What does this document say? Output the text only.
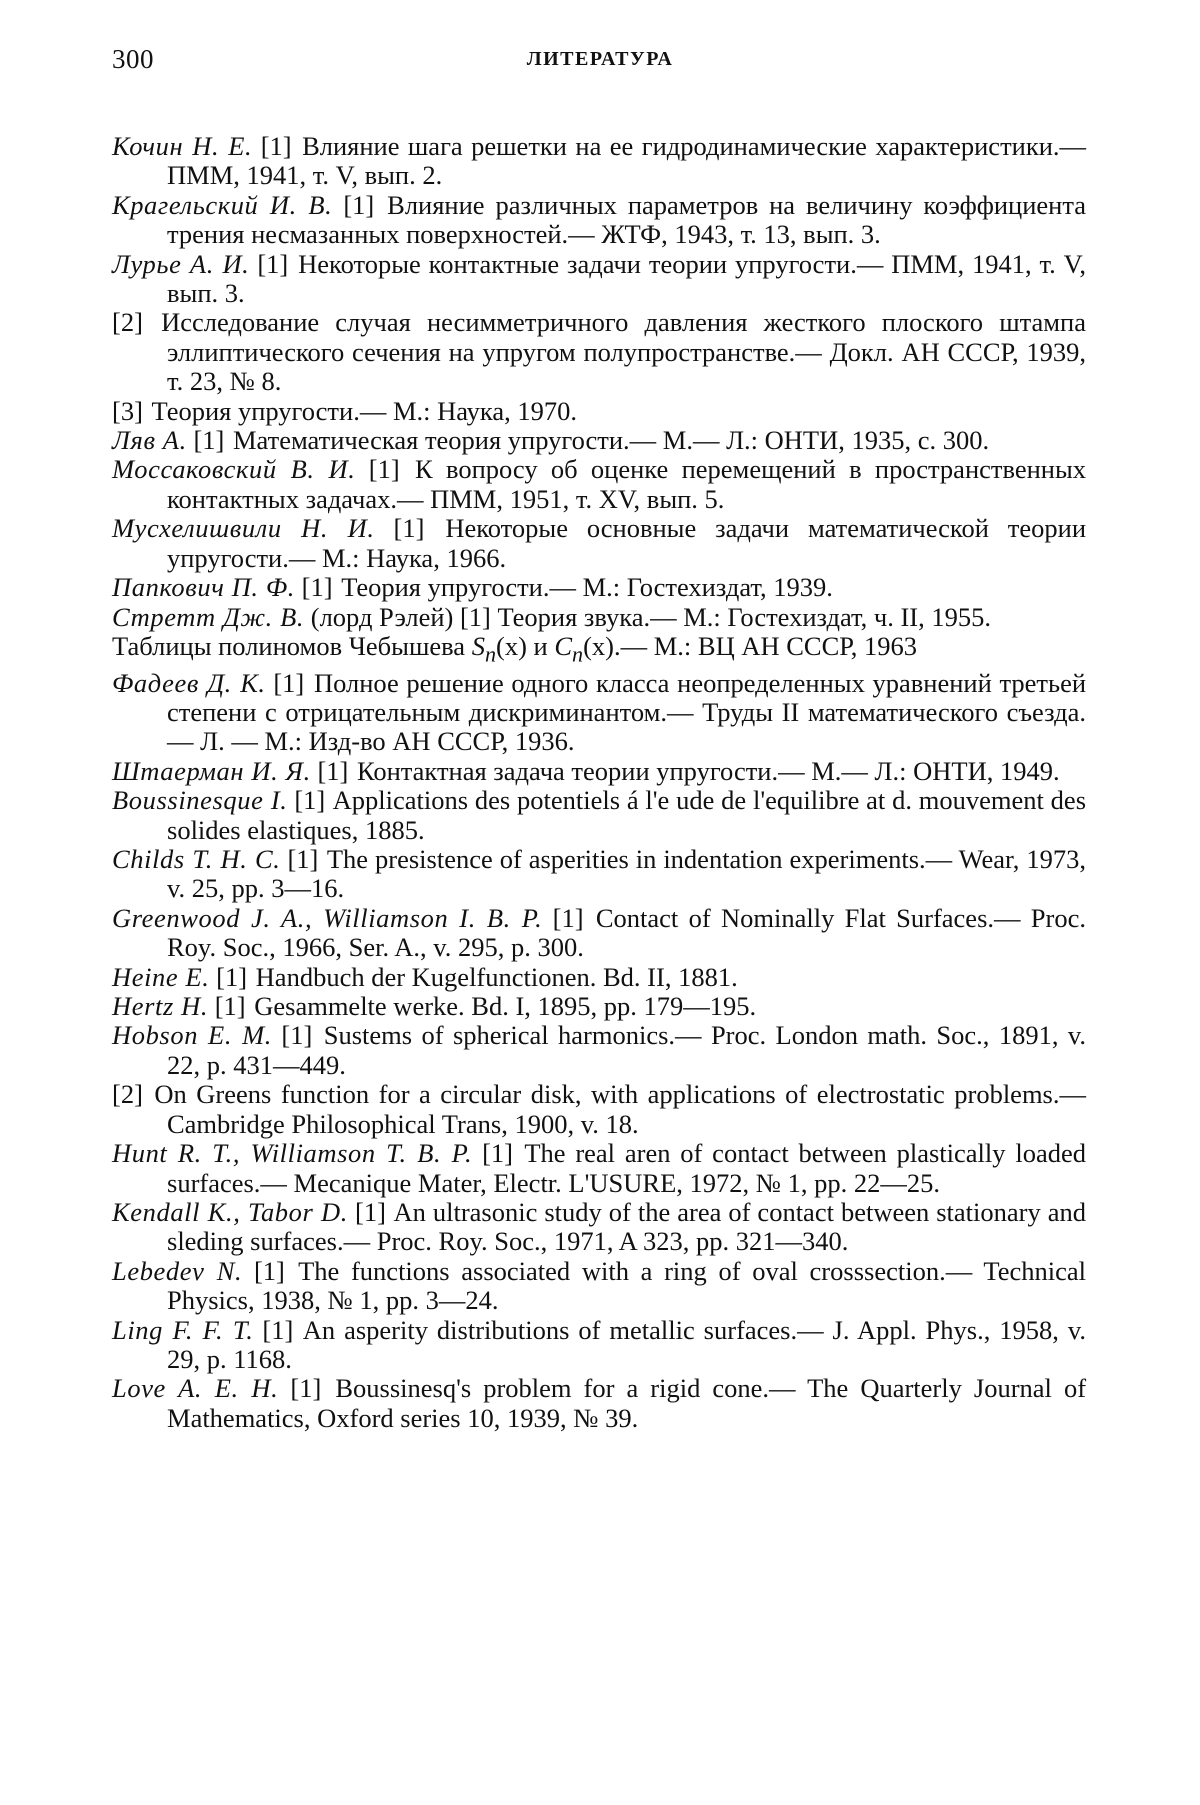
300	ЛИТЕРАТУРА
Кочин Н. Е. [1] Влияние шага решетки на ее гидродинамические характеристики.— ПММ, 1941, т. V, вып. 2.
Крагельский И. В. [1] Влияние различных параметров на величину коэффициента трения несмазанных поверхностей.— ЖТФ, 1943, т. 13, вып. 3.
Лурье А. И. [1] Некоторые контактные задачи теории упругости.— ПММ, 1941, т. V, вып. 3.
[2] Исследование случая несимметричного давления жесткого плоского штампа эллиптического сечения на упругом полупространстве.— Докл. АН СССР, 1939, т. 23, № 8.
[3] Теория упругости.— М.: Наука, 1970.
Ляв А. [1] Математическая теория упругости.— М.— Л.: ОНТИ, 1935, с. 300.
Моссаковский В. И. [1] К вопросу об оценке перемещений в пространственных контактных задачах.— ПММ, 1951, т. XV, вып. 5.
Мусхелишвили Н. И. [1] Некоторые основные задачи математической теории упругости.— М.: Наука, 1966.
Папкович П. Ф. [1] Теория упругости.— М.: Гостехиздат, 1939.
Стретт Дж. В. (лорд Рэлей) [1] Теория звука.— М.: Гостехиздат, ч. II, 1955.
Таблицы полиномов Чебышева $S_n(x)$ и $C_n(x).—$ М.: ВЦ АН СССР, 1963
Фадеев Д. К. [1] Полное решение одного класса неопределенных уравнений третьей степени с отрицательным дискриминантом.— Труды II математического съезда.— Л. — М.: Изд-во АН СССР, 1936.
Штаерман И. Я. [1] Контактная задача теории упругости.— М.— Л.: ОНТИ, 1949.
Boussinesque I. [1] Applications des potentiels á l'e ude de l'equilibre at d. mouvement des solides elastiques, 1885.
Childs T. H. C. [1] The presistence of asperities in indentation experiments.— Wear, 1973, v. 25, pp. 3—16.
Greenwood J. A., Williamson I. B. P. [1] Contact of Nominally Flat Surfaces.— Proc. Roy. Soc., 1966, Ser. A., v. 295, p. 300.
Heine E. [1] Handbuch der Kugelfunctionen. Bd. II, 1881.
Hertz H. [1] Gesammelte werke. Bd. I, 1895, pp. 179—195.
Hobson E. M. [1] Sustems of spherical harmonics.— Proc. London math. Soc., 1891, v. 22, p. 431—449.
[2] On Greens function for a circular disk, with applications of electrostatic problems.— Cambridge Philosophical Trans, 1900, v. 18.
Hunt R. T., Williamson T. B. P. [1] The real aren of contact between plastically loaded surfaces.— Mecanique Mater, Electr. L'USURE, 1972, № 1, pp. 22—25.
Kendall K., Tabor D. [1] An ultrasonic study of the area of contact between stationary and sleding surfaces.— Proc. Roy. Soc., 1971, A 323, pp. 321—340.
Lebedev N. [1] The functions associated with a ring of oval crosssection.— Technical Physics, 1938, № 1, pp. 3—24.
Ling F. F. T. [1] An asperity distributions of metallic surfaces.— J. Appl. Phys., 1958, v. 29, p. 1168.
Love A. E. H. [1] Boussinesq's problem for a rigid cone.— The Quarterly Journal of Mathematics, Oxford series 10, 1939, № 39.
